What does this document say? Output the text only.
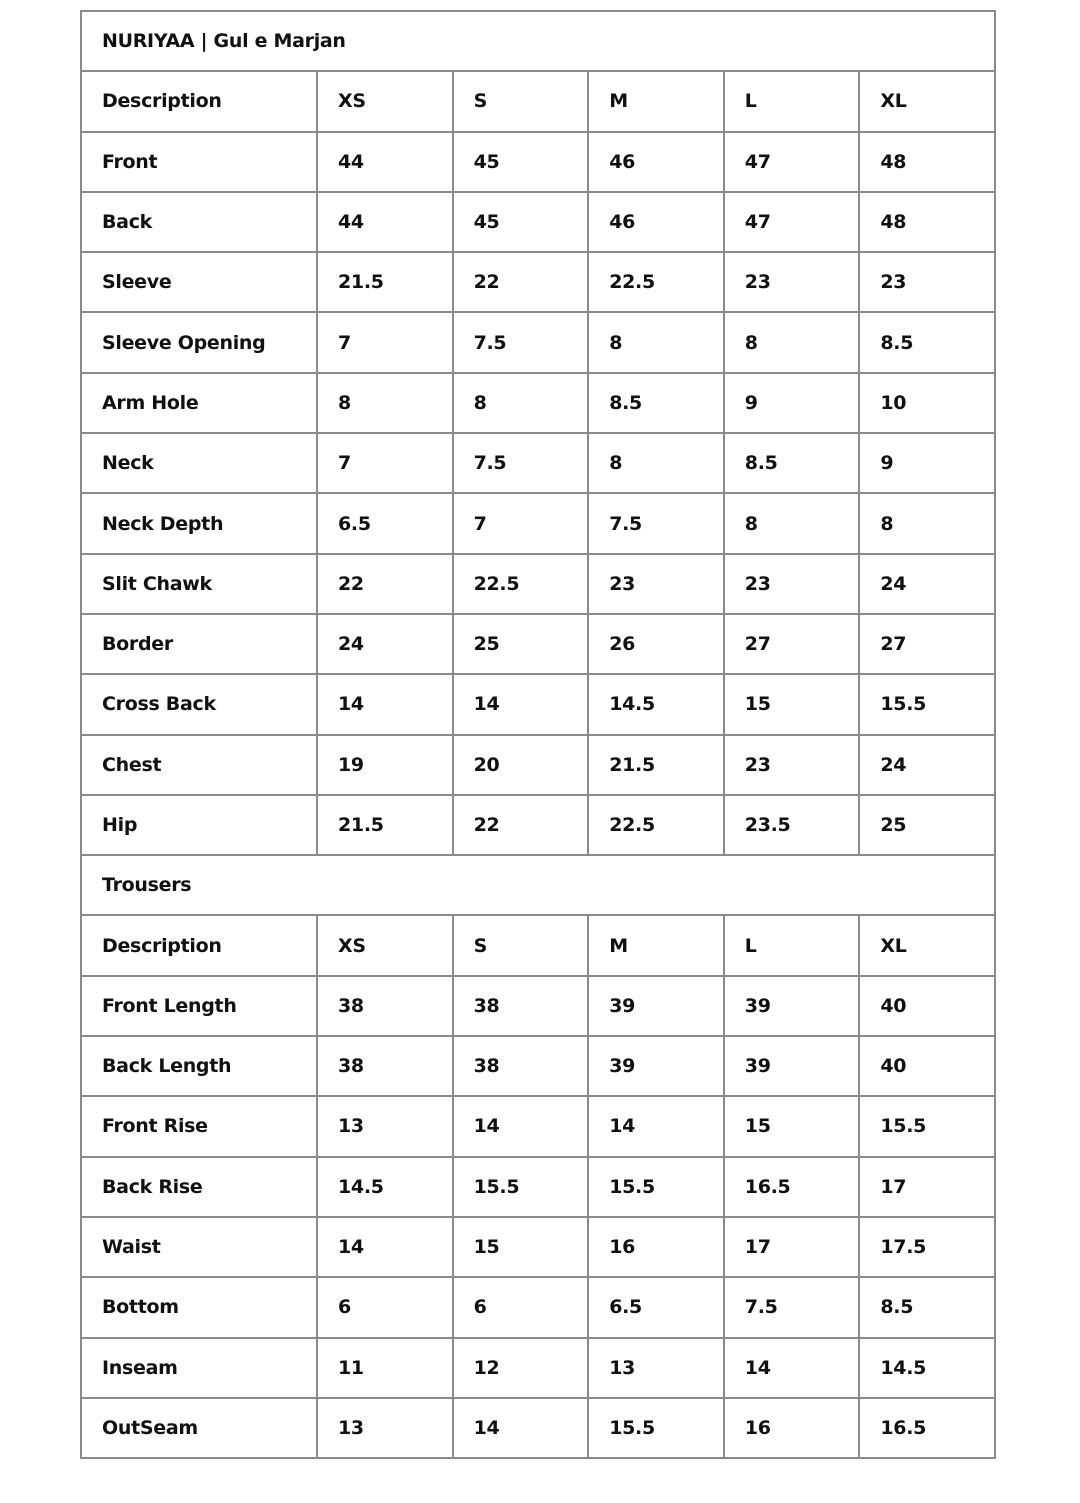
NURIYAA | Gul e Marjan					
Description	XS	S	M	L	XL
Front	44	45	46	47	48
Back	44	45	46	47	48
Sleeve	21.5	22	22.5	23	23
Sleeve Opening	7	7.5	8	8	8.5
Arm Hole	8	8	8.5	9	10
Neck	7	7.5	8	8.5	9
Neck Depth	6.5	7	7.5	8	8
Slit Chawk	22	22.5	23	23	24
Border	24	25	26	27	27
Cross Back	14	14	14.5	15	15.5
Chest	19	20	21.5	23	24
Hip	21.5	22	22.5	23.5	25
Trousers					
Description	XS	S	M	L	XL
Front Length	38	38	39	39	40
Back Length	38	38	39	39	40
Front Rise	13	14	14	15	15.5
Back Rise	14.5	15.5	15.5	16.5	17
Waist	14	15	16	17	17.5
Bottom	6	6	6.5	7.5	8.5
Inseam	11	12	13	14	14.5
OutSeam	13	14	15.5	16	16.5
